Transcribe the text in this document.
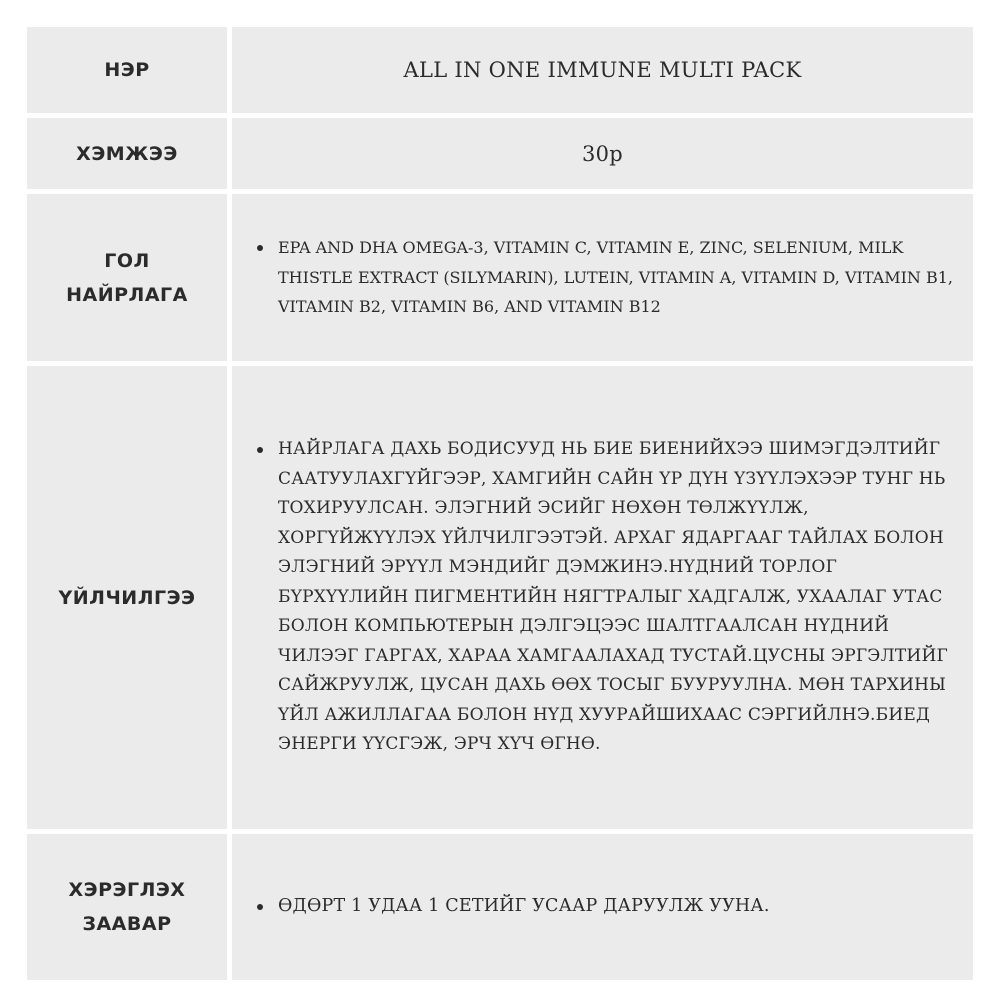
НЭР	ALL IN ONE IMMUNE MULTI PACK
ХЭМЖЭЭ	30р
ГОЛ
НАЙРЛАГА
EPA AND DHA OMEGA-3, VITAMIN C, VITAMIN E, ZINC, SELENIUM, MILK THISTLE EXTRACT (SILYMARIN), LUTEIN, VITAMIN A, VITAMIN D, VITAMIN B1, VITAMIN B2, VITAMIN B6, AND VITAMIN B12
ҮЙЛЧИЛГЭЭ
НАЙРЛАГА ДАХЬ БОДИСУУД НЬ БИЕ БИЕНИЙХЭЭ ШИМЭГДЭЛТИЙГ СААТУУЛАХГҮЙГЭЭР, ХАМГИЙН САЙН ҮР ДҮН ҮЗҮҮЛЭХЭЭР ТУНГ НЬ ТОХИРУУЛСАН. ЭЛЭГНИЙ ЭСИЙГ НӨХӨН ТӨЛЖҮҮЛЖ, ХОРГҮЙЖҮҮЛЭХ ҮЙЛЧИЛГЭЭТЭЙ. АРХАГ ЯДАРГААГ ТАЙЛАХ БОЛОН ЭЛЭГНИЙ ЭРҮҮЛ МЭНДИЙГ ДЭМЖИНЭ.НҮДНИЙ ТОРЛОГ БҮРХҮҮЛИЙН ПИГМЕНТИЙН НЯГТРАЛЫГ ХАДГАЛЖ, УХААЛАГ УТАС БОЛОН КОМПЬЮТЕРЫН ДЭЛГЭЦЭЭС ШАЛТГААЛСАН НҮДНИЙ ЧИЛЭЭГ ГАРГАХ, ХАРАА ХАМГААЛАХАД ТУСТАЙ.ЦУСНЫ ЭРГЭЛТИЙГ САЙЖРУУЛЖ, ЦУСАН ДАХЬ ӨӨХ ТОСЫГ БУУРУУЛНА. МӨН ТАРХИНЫ ҮЙЛ АЖИЛЛАГАА БОЛОН НҮД ХУУРАЙШИХААС СЭРГИЙЛНЭ.БИЕД ЭНЕРГИ ҮҮСГЭЖ, ЭРЧ ХҮЧ ӨГНӨ.
ХЭРЭГЛЭХ
ЗААВАР
ӨДӨРТ 1 УДАА 1 СЕТИЙГ УСААР ДАРУУЛЖ УУНА.
